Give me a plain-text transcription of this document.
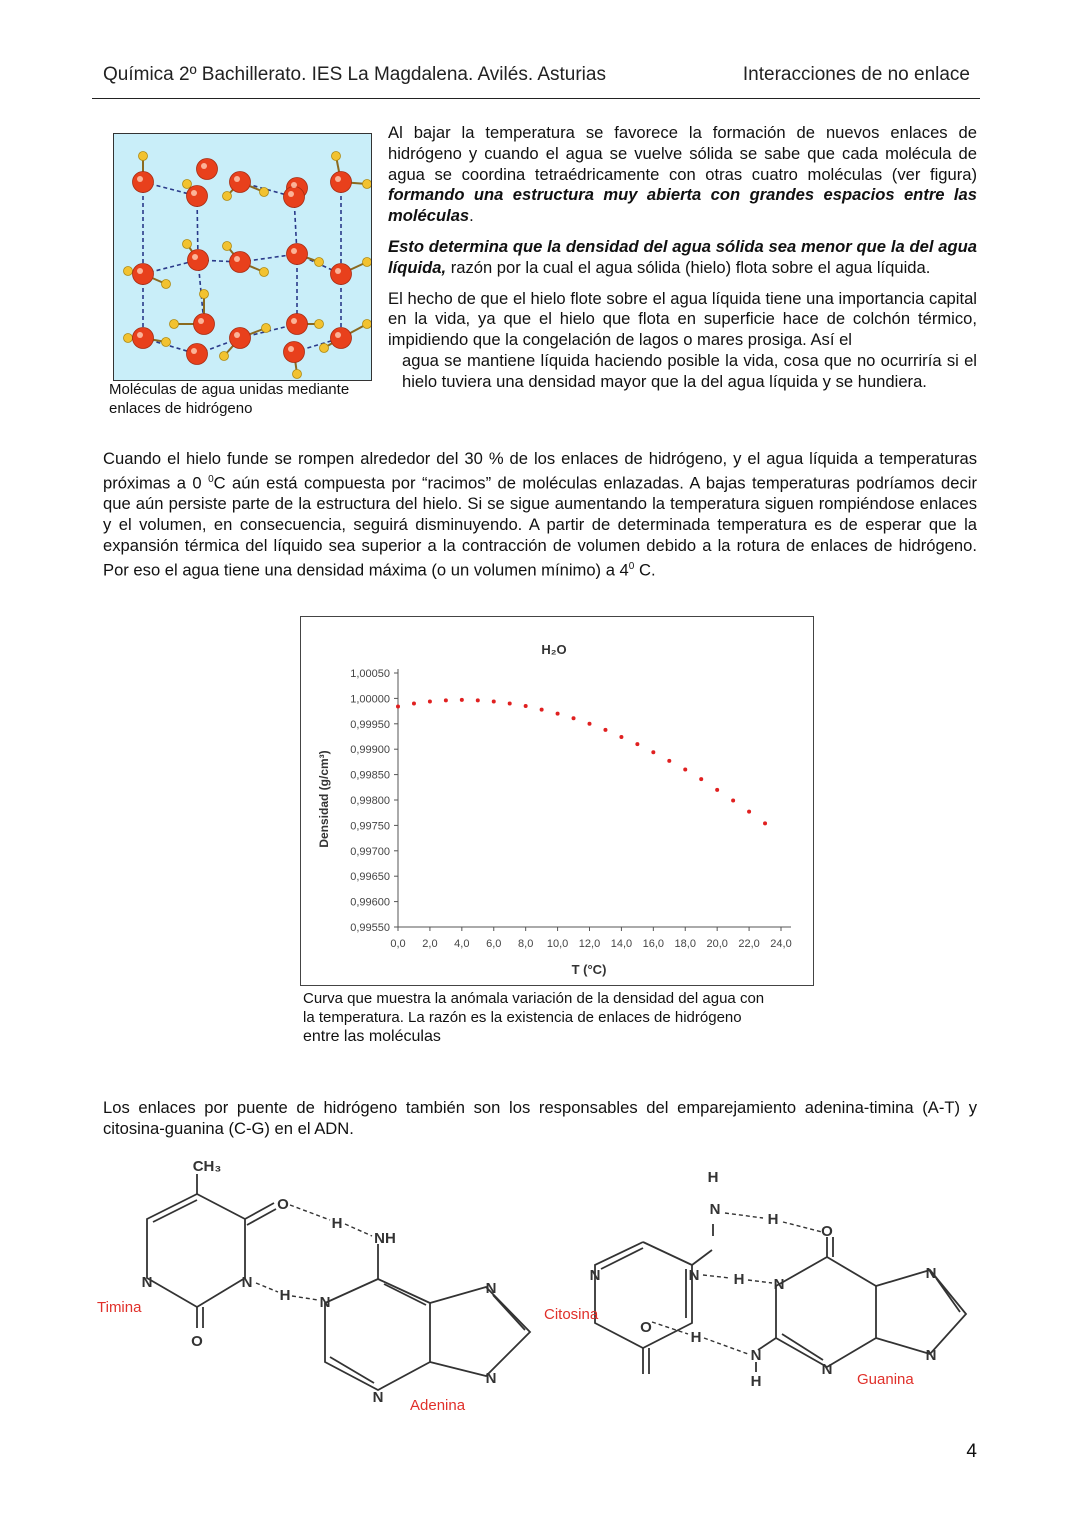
Química 2º Bachillerato. IES La Magdalena. Avilés. Asturias	Interacciones de no enlace
Moléculas de agua unidas mediante
enlaces de hidrógeno

Al bajar la temperatura se favorece la formación de nuevos enlaces de hidrógeno y cuando el agua se vuelve sólida se sabe que cada molécula de agua se coordina tetraédricamente con otras cuatro moléculas (ver figura) formando una estructura muy abierta con grandes espacios entre las moléculas.

Esto determina que la densidad del agua sólida sea menor que la del agua líquida, razón por la cual el agua sólida (hielo) flota sobre el agua líquida.

El hecho de que el hielo flote sobre el agua líquida tiene una importancia capital en la vida, ya que el hielo que flota en superficie hace de colchón térmico, impidiendo que la congelación de lagos o mares prosiga. Así el

agua se mantiene líquida haciendo posible la vida, cosa que no ocurriría si el hielo tuviera una densidad mayor que la del agua líquida y se hundiera.

Cuando el hielo funde se rompen alrededor del 30 % de los enlaces de hidrógeno, y el agua líquida a temperaturas próximas a 0 $^0$C aún está compuesta por “racimos” de moléculas enlazadas. A bajas temperaturas podríamos decir que aún persiste parte de la estructura del hielo. Si se sigue aumentando la temperatura siguen rompiéndose enlaces y el volumen, en consecuencia, seguirá disminuyendo. A partir de determinada temperatura es de esperar que la expansión térmica del líquido sea superior a la contracción de volumen debido a la rotura de enlaces de hidrógeno. Por eso el agua tiene una densidad máxima (o un volumen mínimo) a $4^0$ C.

H₂O
1,00050
1,00000
0,99950
0,99900
0,99850
0,99800
0,99750
0,99700
0,99650
0,99600
0,99550
0,0 2,0 4,0 6,0 8,0 10,0 12,0 14,0 16,0 18,0 20,0 22,0 24,0
T (°C)
Densidad (g/cm³)
Curva que muestra la anómala variación de la densidad del agua con
la temperatura. La razón es la existencia de enlaces de hidrógeno
entre las moléculas

Los enlaces por puente de hidrógeno también son los responsables del emparejamiento adenina-timina (A-T) y citosina-guanina (C-G) en el ADN.

CH₃
O
H
NH
N	N
H N
O
N
N
N
H
N
H
O
N	N H N
N
N
N
O
H
N
H
Timina
Adenina
Citosina
Guanina
4
